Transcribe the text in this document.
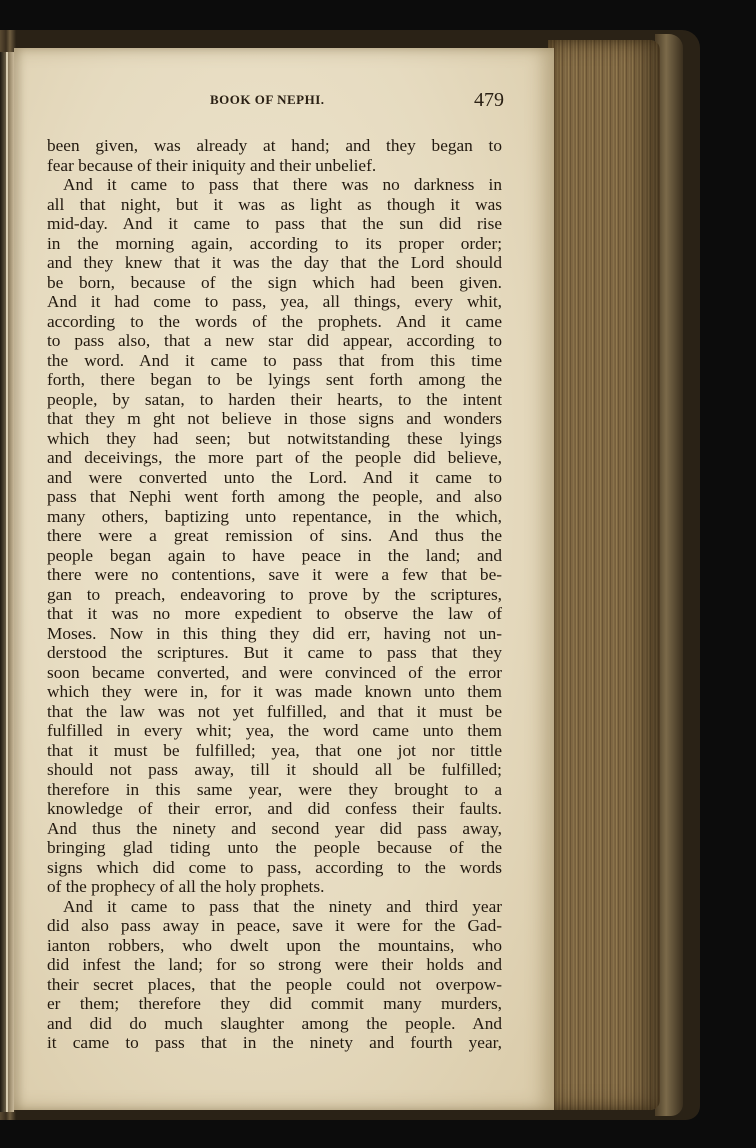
BOOK OF NEPHI.	479
been given, was already at hand; and they began to
fear because of their iniquity and their unbelief.
And it came to pass that there was no darkness in
all that night, but it was as light as though it was
mid-day. And it came to pass that the sun did rise
in the morning again, according to its proper order;
and they knew that it was the day that the Lord should
be born, because of the sign which had been given.
And it had come to pass, yea, all things, every whit,
according to the words of the prophets. And it came
to pass also, that a new star did appear, according to
the word. And it came to pass that from this time
forth, there began to be lyings sent forth among the
people, by satan, to harden their hearts, to the intent
that they m ght not believe in those signs and wonders
which they had seen; but notwitstanding these lyings
and deceivings, the more part of the people did believe,
and were converted unto the Lord. And it came to
pass that Nephi went forth among the people, and also
many others, baptizing unto repentance, in the which,
there were a great remission of sins. And thus the
people began again to have peace in the land; and
there were no contentions, save it were a few that be-
gan to preach, endeavoring to prove by the scriptures,
that it was no more expedient to observe the law of
Moses. Now in this thing they did err, having not un-
derstood the scriptures. But it came to pass that they
soon became converted, and were convinced of the error
which they were in, for it was made known unto them
that the law was not yet fulfilled, and that it must be
fulfilled in every whit; yea, the word came unto them
that it must be fulfilled; yea, that one jot nor tittle
should not pass away, till it should all be fulfilled;
therefore in this same year, were they brought to a
knowledge of their error, and did confess their faults.
And thus the ninety and second year did pass away,
bringing glad tiding unto the people because of the
signs which did come to pass, according to the words
of the prophecy of all the holy prophets.
And it came to pass that the ninety and third year
did also pass away in peace, save it were for the Gad-
ianton robbers, who dwelt upon the mountains, who
did infest the land; for so strong were their holds and
their secret places, that the people could not overpow-
er them; therefore they did commit many murders,
and did do much slaughter among the people. And
it came to pass that in the ninety and fourth year,
